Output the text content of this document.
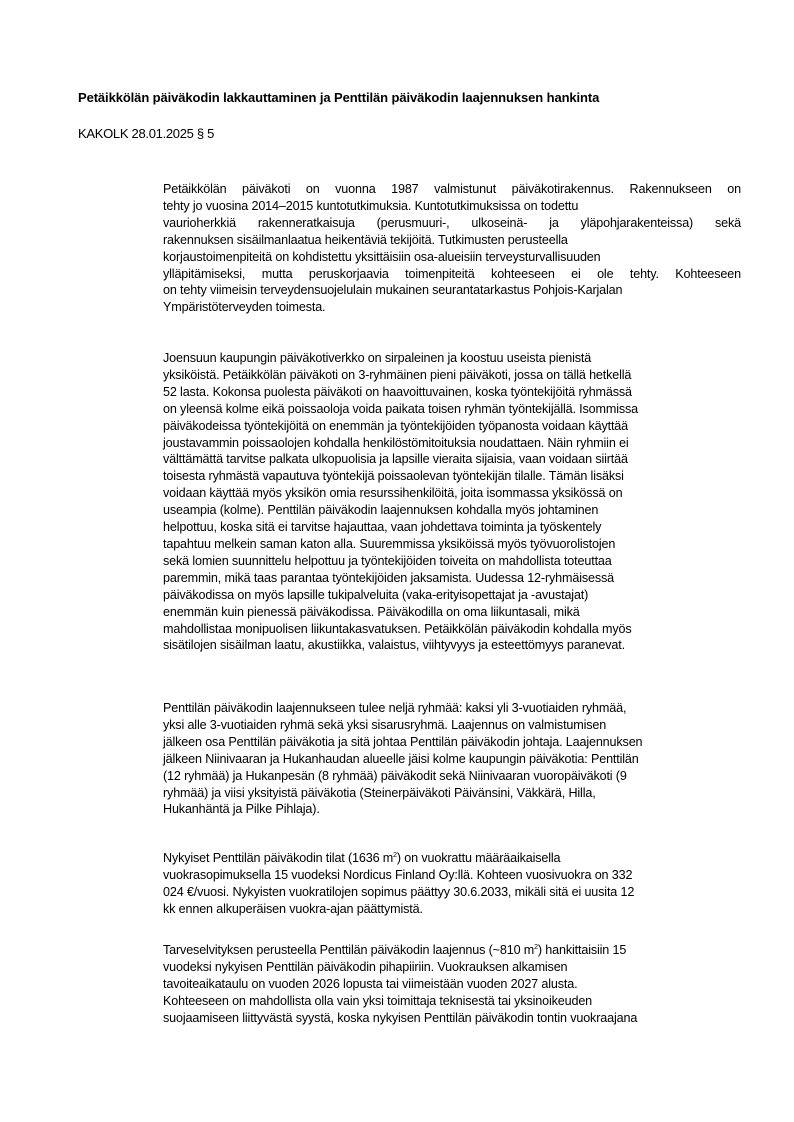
Petäikkölän päiväkodin lakkauttaminen ja Penttilän päiväkodin laajennuksen hankinta
KAKOLK 28.01.2025 § 5
Petäikkölän päiväkoti on vuonna 1987 valmistunut päiväkotirakennus. Rakennukseen on
tehty jo vuosina 2014–2015 kuntotutkimuksia. Kuntotutkimuksissa on todettu
vaurioherkkiä rakenneratkaisuja (perusmuuri-, ulkoseinä- ja yläpohjarakenteissa) sekä
rakennuksen sisäilmanlaatua heikentäviä tekijöitä. Tutkimusten perusteella
korjaustoimenpiteitä on kohdistettu yksittäisiin osa-alueisiin terveysturvallisuuden
ylläpitämiseksi, mutta peruskorjaavia toimenpiteitä kohteeseen ei ole tehty. Kohteeseen
on tehty viimeisin terveydensuojelulain mukainen seurantatarkastus Pohjois-Karjalan
Ympäristöterveyden toimesta.
Joensuun kaupungin päiväkotiverkko on sirpaleinen ja koostuu useista pienistä
yksiköistä. Petäikkölän päiväkoti on 3-ryhmäinen pieni päiväkoti, jossa on tällä hetkellä
52 lasta. Kokonsa puolesta päiväkoti on haavoittuvainen, koska työntekijöitä ryhmässä
on yleensä kolme eikä poissaoloja voida paikata toisen ryhmän työntekijällä. Isommissa
päiväkodeissa työntekijöitä on enemmän ja työntekijöiden työpanosta voidaan käyttää
joustavammin poissaolojen kohdalla henkilöstömitoituksia noudattaen. Näin ryhmiin ei
välttämättä tarvitse palkata ulkopuolisia ja lapsille vieraita sijaisia, vaan voidaan siirtää
toisesta ryhmästä vapautuva työntekijä poissaolevan työntekijän tilalle. Tämän lisäksi
voidaan käyttää myös yksikön omia resurssihenkilöitä, joita isommassa yksikössä on
useampia (kolme). Penttilän päiväkodin laajennuksen kohdalla myös johtaminen
helpottuu, koska sitä ei tarvitse hajauttaa, vaan johdettava toiminta ja työskentely
tapahtuu melkein saman katon alla. Suuremmissa yksiköissä myös työvuorolistojen
sekä lomien suunnittelu helpottuu ja työntekijöiden toiveita on mahdollista toteuttaa
paremmin, mikä taas parantaa työntekijöiden jaksamista. Uudessa 12-ryhmäisessä
päiväkodissa on myös lapsille tukipalveluita (vaka-erityisopettajat ja -avustajat)
enemmän kuin pienessä päiväkodissa. Päiväkodilla on oma liikuntasali, mikä
mahdollistaa monipuolisen liikuntakasvatuksen. Petäikkölän päiväkodin kohdalla myös
sisätilojen sisäilman laatu, akustiikka, valaistus, viihtyvyys ja esteettömyys paranevat.
Penttilän päiväkodin laajennukseen tulee neljä ryhmää: kaksi yli 3-vuotiaiden ryhmää,
yksi alle 3-vuotiaiden ryhmä sekä yksi sisarusryhmä. Laajennus on valmistumisen
jälkeen osa Penttilän päiväkotia ja sitä johtaa Penttilän päiväkodin johtaja. Laajennuksen
jälkeen Niinivaaran ja Hukanhaudan alueelle jäisi kolme kaupungin päiväkotia: Penttilän
(12 ryhmää) ja Hukanpesän (8 ryhmää) päiväkodit sekä Niinivaaran vuoropäiväkoti (9
ryhmää) ja viisi yksityistä päiväkotia (Steinerpäiväkoti Päivänsini, Väkkärä, Hilla,
Hukanhäntä ja Pilke Pihlaja).
Nykyiset Penttilän päiväkodin tilat (1636 $m^2$) on vuokrattu määräaikaisella
vuokrasopimuksella 15 vuodeksi Nordicus Finland Oy:llä. Kohteen vuosivuokra on 332
024 €/vuosi. Nykyisten vuokratilojen sopimus päättyy 30.6.2033, mikäli sitä ei uusita 12
kk ennen alkuperäisen vuokra-ajan päättymistä.
Tarveselvityksen perusteella Penttilän päiväkodin laajennus (~810 $m^2$) hankittaisiin 15
vuodeksi nykyisen Penttilän päiväkodin pihapiiriin. Vuokrauksen alkamisen
tavoiteaikataulu on vuoden 2026 lopusta tai viimeistään vuoden 2027 alusta.
Kohteeseen on mahdollista olla vain yksi toimittaja teknisestä tai yksinoikeuden
suojaamiseen liittyvästä syystä, koska nykyisen Penttilän päiväkodin tontin vuokraajana
